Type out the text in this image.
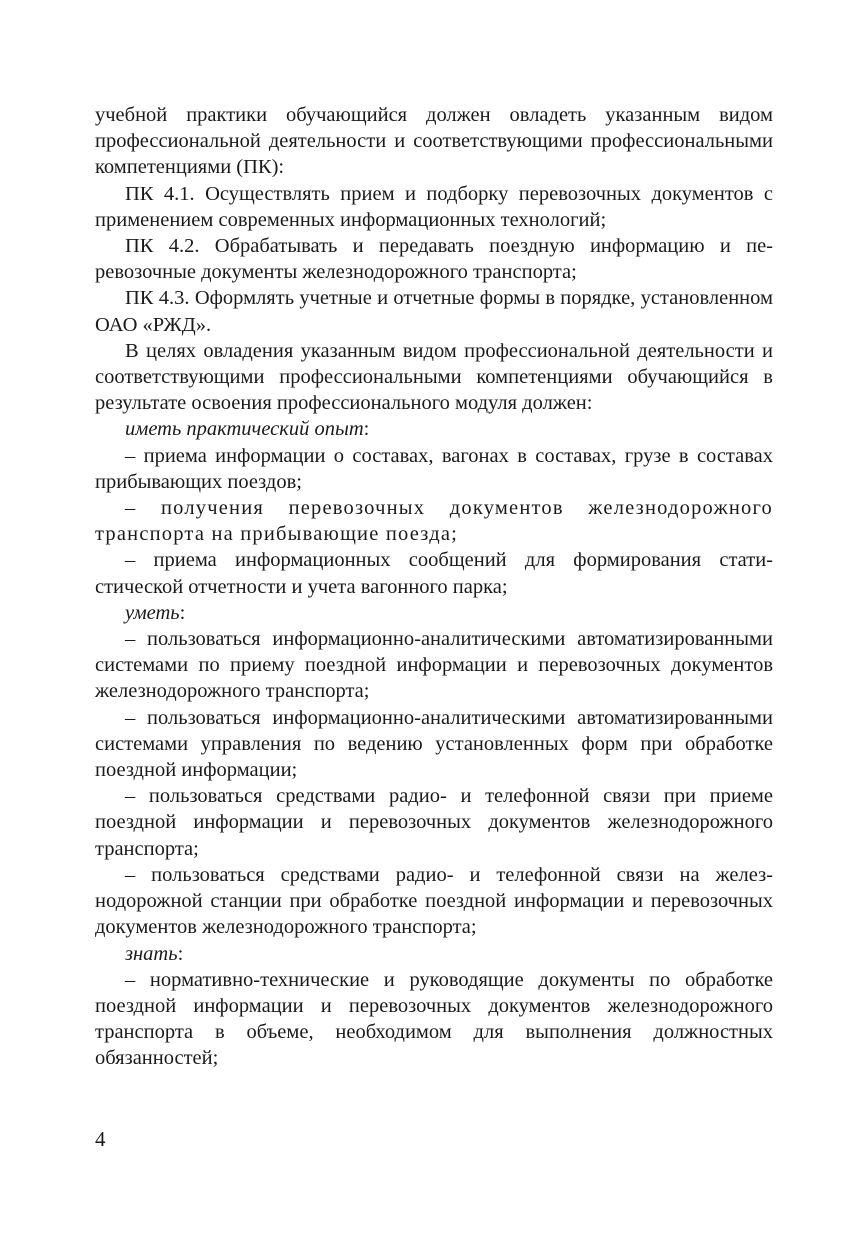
учебной практики обучающийся должен овладеть указанным видом профессиональной деятельности и соответствующими профессиональными компетенциями (ПК):

ПК 4.1. Осуществлять прием и подборку перевозочных документов с применением современных информационных технологий;

ПК 4.2. Обрабатывать и передавать поездную информацию и перевозочные документы железнодорожного транспорта;

ПК 4.3. Оформлять учетные и отчетные формы в порядке, установленном ОАО «РЖД».

В целях овладения указанным видом профессиональной деятельности и соответствующими профессиональными компетенциями обучающийся в результате освоения профессионального модуля должен:

иметь практический опыт:

– приема информации о составах, вагонах в составах, грузе в составах прибывающих поездов;

– получения перевозочных документов железнодорожного транспорта на прибывающие поезда;

– приема информационных сообщений для формирования статистической отчетности и учета вагонного парка;

уметь:

– пользоваться информационно-аналитическими автоматизированными системами по приему поездной информации и перевозочных документов железнодорожного транспорта;

– пользоваться информационно-аналитическими автоматизированными системами управления по ведению установленных форм при обработке поездной информации;

– пользоваться средствами радио- и телефонной связи при приеме поездной информации и перевозочных документов железнодорожного транспорта;

– пользоваться средствами радио- и телефонной связи на железнодорожной станции при обработке поездной информации и перевозочных документов железнодорожного транспорта;

знать:

– нормативно-технические и руководящие документы по обработке поездной информации и перевозочных документов железнодорожного транспорта в объеме, необходимом для выполнения должностных обязанностей;

4
